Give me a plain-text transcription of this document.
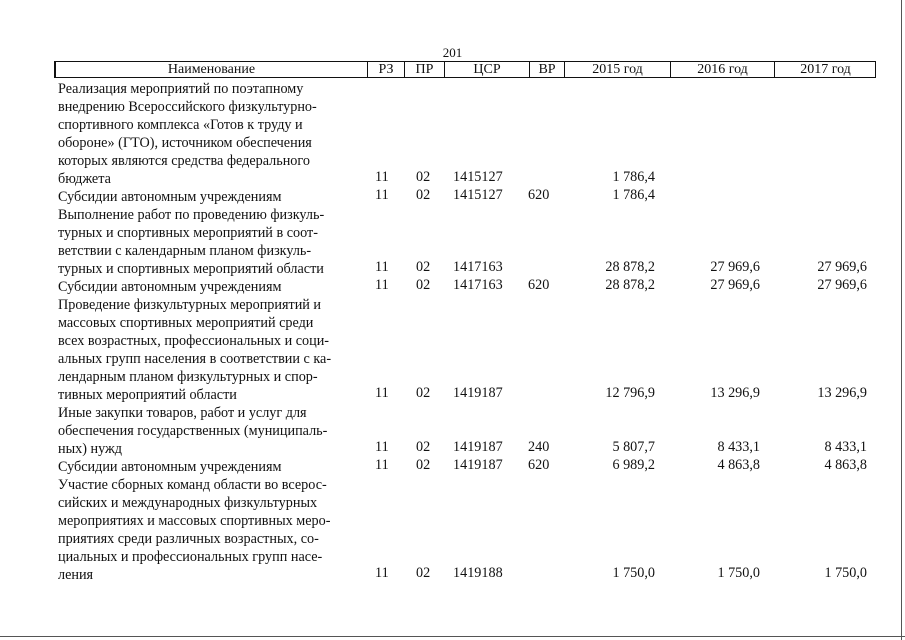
201
Наименование	РЗ	ПР	ЦСР	ВР	2015 год	2016 год	2017 год
Реализация мероприятий по поэтапному
внедрению Всероссийского физкультурно-
спортивного комплекса «Готов к труду и
обороне» (ГТО), источником обеспечения
которых являются средства федерального
бюджета	11 02 1415127	1 786,4
Субсидии автономным учреждениям	11 02 1415127 620	1 786,4
Выполнение работ по проведению физкуль-
турных и спортивных мероприятий в соот-
ветствии с календарным планом физкуль-
турных и спортивных мероприятий области	11 02 1417163	28 878,2	27 969,6	27 969,6
Субсидии автономным учреждениям	11 02 1417163 620	28 878,2	27 969,6	27 969,6
Проведение физкультурных мероприятий и
массовых спортивных мероприятий среди
всех возрастных, профессиональных и соци-
альных групп населения в соответствии с ка-
лендарным планом физкультурных и спор-
тивных мероприятий области	11 02 1419187	12 796,9	13 296,9	13 296,9
Иные закупки товаров, работ и услуг для
обеспечения государственных (муниципаль-
ных) нужд	11 02 1419187 240	5 807,7	8 433,1	8 433,1
Субсидии автономным учреждениям	11 02 1419187 620	6 989,2	4 863,8	4 863,8
Участие сборных команд области во всерос-
сийских и международных физкультурных
мероприятиях и массовых спортивных меро-
приятиях среди различных возрастных, со-
циальных и профессиональных групп насе-
ления	11 02 1419188	1 750,0	1 750,0	1 750,0
